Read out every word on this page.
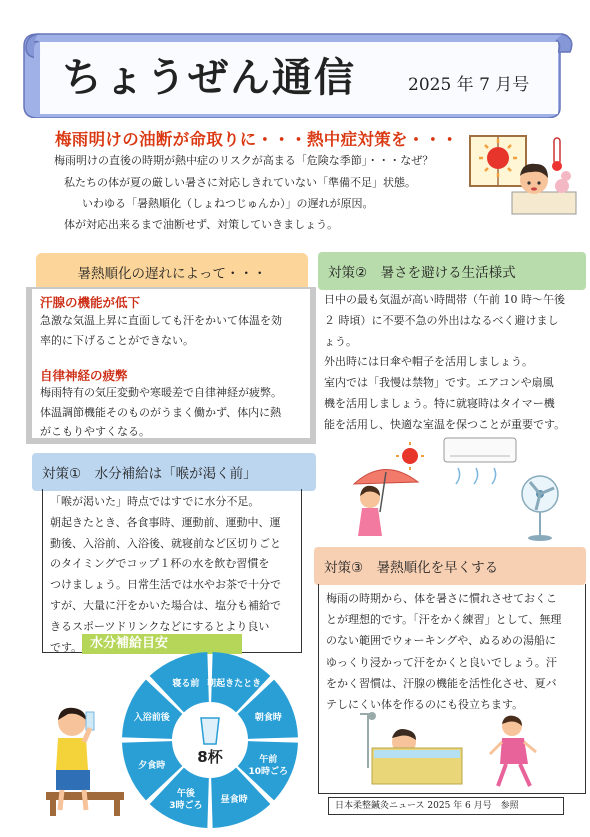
ちょうぜん通信	2025 年 7 月号
梅雨明けの油断が命取りに・・・熱中症対策を・・・
梅雨明けの直後の時期が熱中症のリスクが高まる「危険な季節」・・・なぜ？
私たちの体が夏の厳しい暑さに対応しきれていない「準備不足」状態。
いわゆる「暑熱順化（しょねつじゅんか）」の遅れが原因。
体が対応出来るまで油断せず、対策していきましょう。
暑熱順化の遅れによって・・・
汗腺の機能が低下
急激な気温上昇に直面しても汗をかいて体温を効
率的に下げることができない。
自律神経の疲弊
梅雨特有の気圧変動や寒暖差で自律神経が疲弊。
体温調節機能そのものがうまく働かず、体内に熱
がこもりやすくなる。
対策①　水分補給は「喉が渇く前」
「喉が渇いた」時点ではすでに水分不足。
朝起きたとき、各食事時、運動前、運動中、運
動後、入浴前、入浴後、就寝前など区切りごと
のタイミングでコップ１杯の水を飲む習慣を
つけましょう。日常生活では水やお茶で十分で
すが、大量に汗をかいた場合は、塩分も補給で
きるスポーツドリンクなどにするとより良い
です。
対策②　暑さを避ける生活様式
日中の最も気温が高い時間帯（午前 10 時～午後
２ 時頃）に不要不急の外出はなるべく避けまし
ょう。
外出時には日傘や帽子を活用しましょう。
室内では「我慢は禁物」です。エアコンや扇風
機を活用しましょう。特に就寝時はタイマー機
能を活用し、快適な室温を保つことが重要です。
対策③　暑熱順化を早くする
梅雨の時期から、体を暑さに慣れさせておくこ
とが理想的です。「汗をかく練習」として、無理
のない範囲でウォーキングや、ぬるめの湯船に
ゆっくり浸かって汗をかくと良いでしょう。汗
をかく習慣は、汗腺の機能を活性化させ、夏バ
テしにくい体を作るのにも役立ちます。
水分補給目安
8杯
朝起きたとき
朝食時
午前
10時ごろ
昼食時
午後
3時ごろ
夕食時
入浴前後
寝る前
日本柔整鍼灸ニュース 2025 年 6 月号　参照
